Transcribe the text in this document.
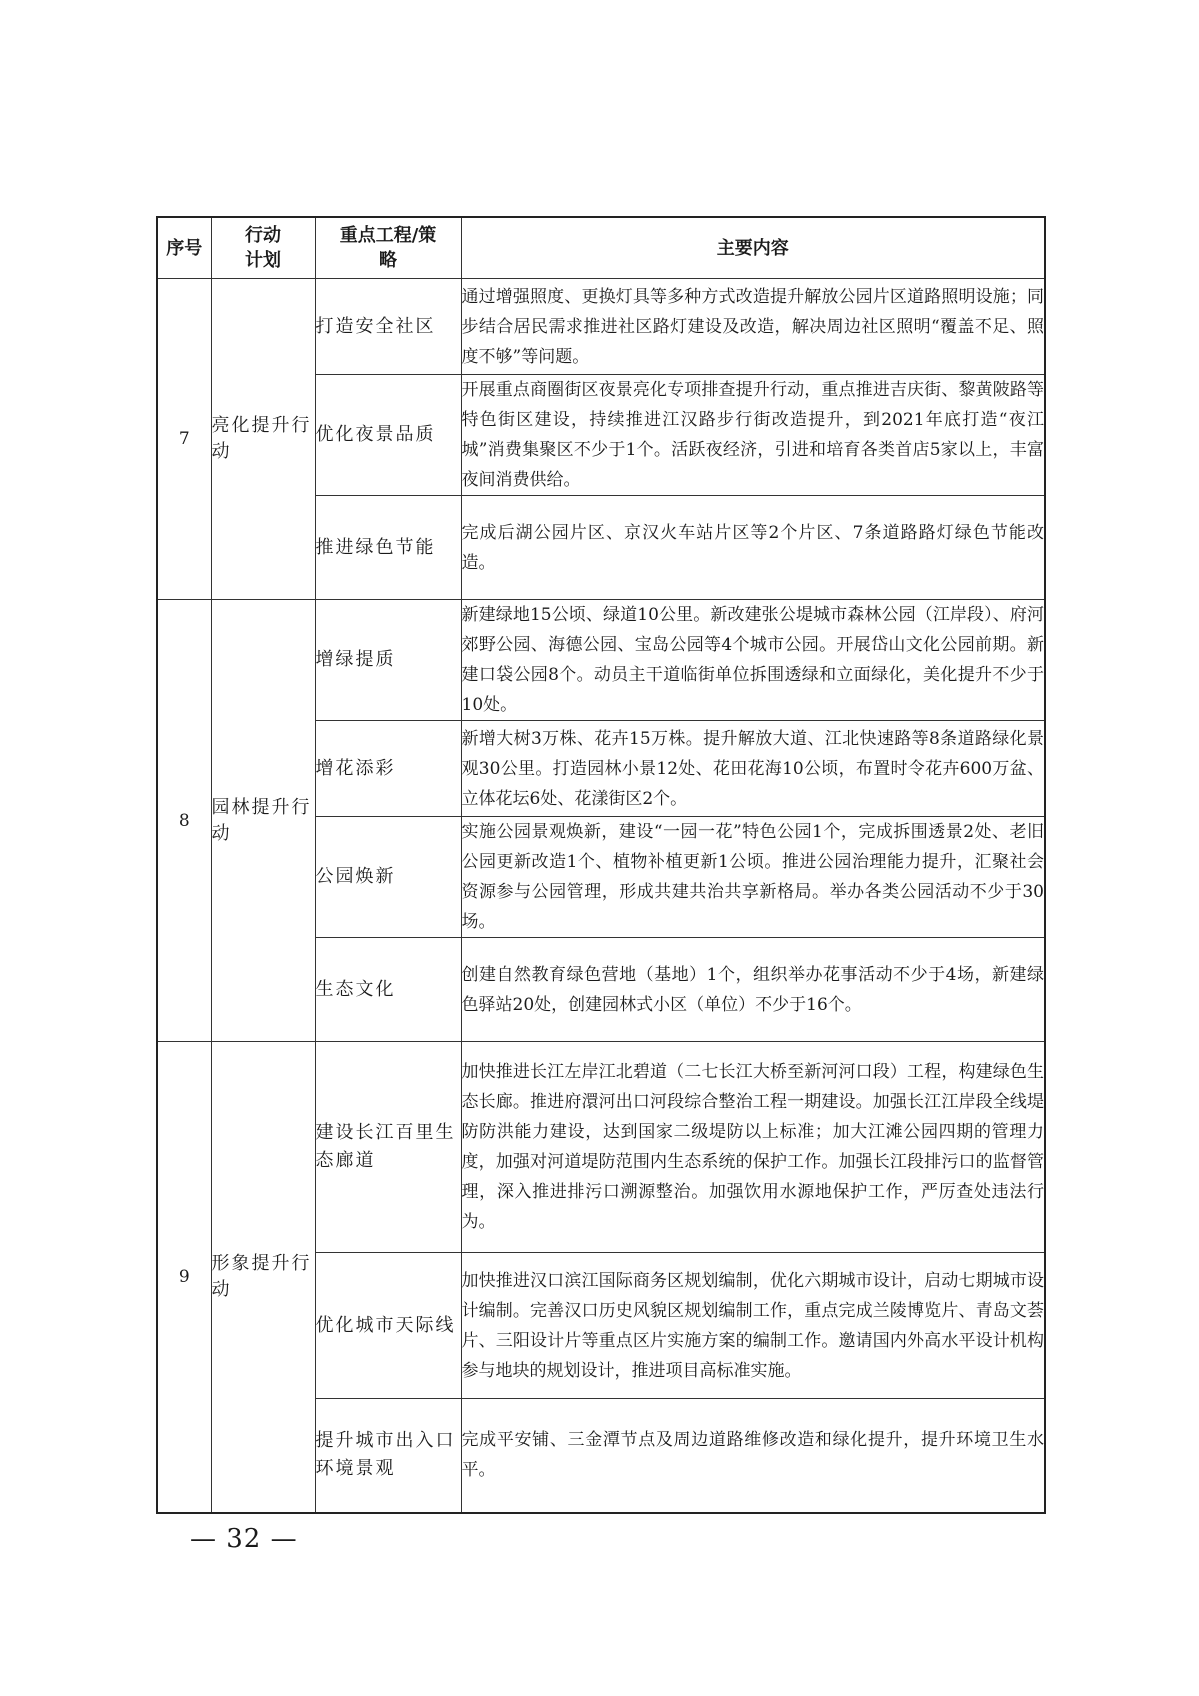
序号	行动计划	重点工程/策略	主要内容
7	亮化提升行动	打造安全社区	通过增强照度、更换灯具等多种方式改造提升解放公园片区道路照明设施；同步结合居民需求推进社区路灯建设及改造，解决周边社区照明“覆盖不足、照度不够”等问题。
		优化夜景品质	开展重点商圈街区夜景亮化专项排查提升行动，重点推进吉庆街、黎黄陂路等特色街区建设，持续推进江汉路步行街改造提升，到2021年底打造“夜江城”消费集聚区不少于1个。活跃夜经济，引进和培育各类首店5家以上，丰富夜间消费供给。
		推进绿色节能	完成后湖公园片区、京汉火车站片区等2个片区、7条道路路灯绿色节能改造。
8	园林提升行动	增绿提质	新建绿地15公顷、绿道10公里。新改建张公堤城市森林公园（江岸段）、府河郊野公园、海德公园、宝岛公园等4个城市公园。开展岱山文化公园前期。新建口袋公园8个。动员主干道临街单位拆围透绿和立面绿化，美化提升不少于10处。
		增花添彩	新增大树3万株、花卉15万株。提升解放大道、江北快速路等8条道路绿化景观30公里。打造园林小景12处、花田花海10公顷，布置时令花卉600万盆、立体花坛6处、花漾街区2个。
		公园焕新	实施公园景观焕新，建设“一园一花”特色公园1个，完成拆围透景2处、老旧公园更新改造1个、植物补植更新1公顷。推进公园治理能力提升，汇聚社会资源参与公园管理，形成共建共治共享新格局。举办各类公园活动不少于30场。
		生态文化	创建自然教育绿色营地（基地）1个，组织举办花事活动不少于4场，新建绿色驿站20处，创建园林式小区（单位）不少于16个。
9	形象提升行动	建设长江百里生态廊道	加快推进长江左岸江北碧道（二七长江大桥至新河河口段）工程，构建绿色生态长廊。推进府澴河出口河段综合整治工程一期建设。加强长江江岸段全线堤防防洪能力建设，达到国家二级堤防以上标准；加大江滩公园四期的管理力度，加强对河道堤防范围内生态系统的保护工作。加强长江段排污口的监督管理，深入推进排污口溯源整治。加强饮用水源地保护工作，严厉查处违法行为。
		优化城市天际线	加快推进汉口滨江国际商务区规划编制，优化六期城市设计，启动七期城市设计编制。完善汉口历史风貌区规划编制工作，重点完成兰陵博览片、青岛文荟片、三阳设计片等重点区片实施方案的编制工作。邀请国内外高水平设计机构参与地块的规划设计，推进项目高标准实施。
		提升城市出入口环境景观	完成平安铺、三金潭节点及周边道路维修改造和绿化提升，提升环境卫生水平。
— 32 —
